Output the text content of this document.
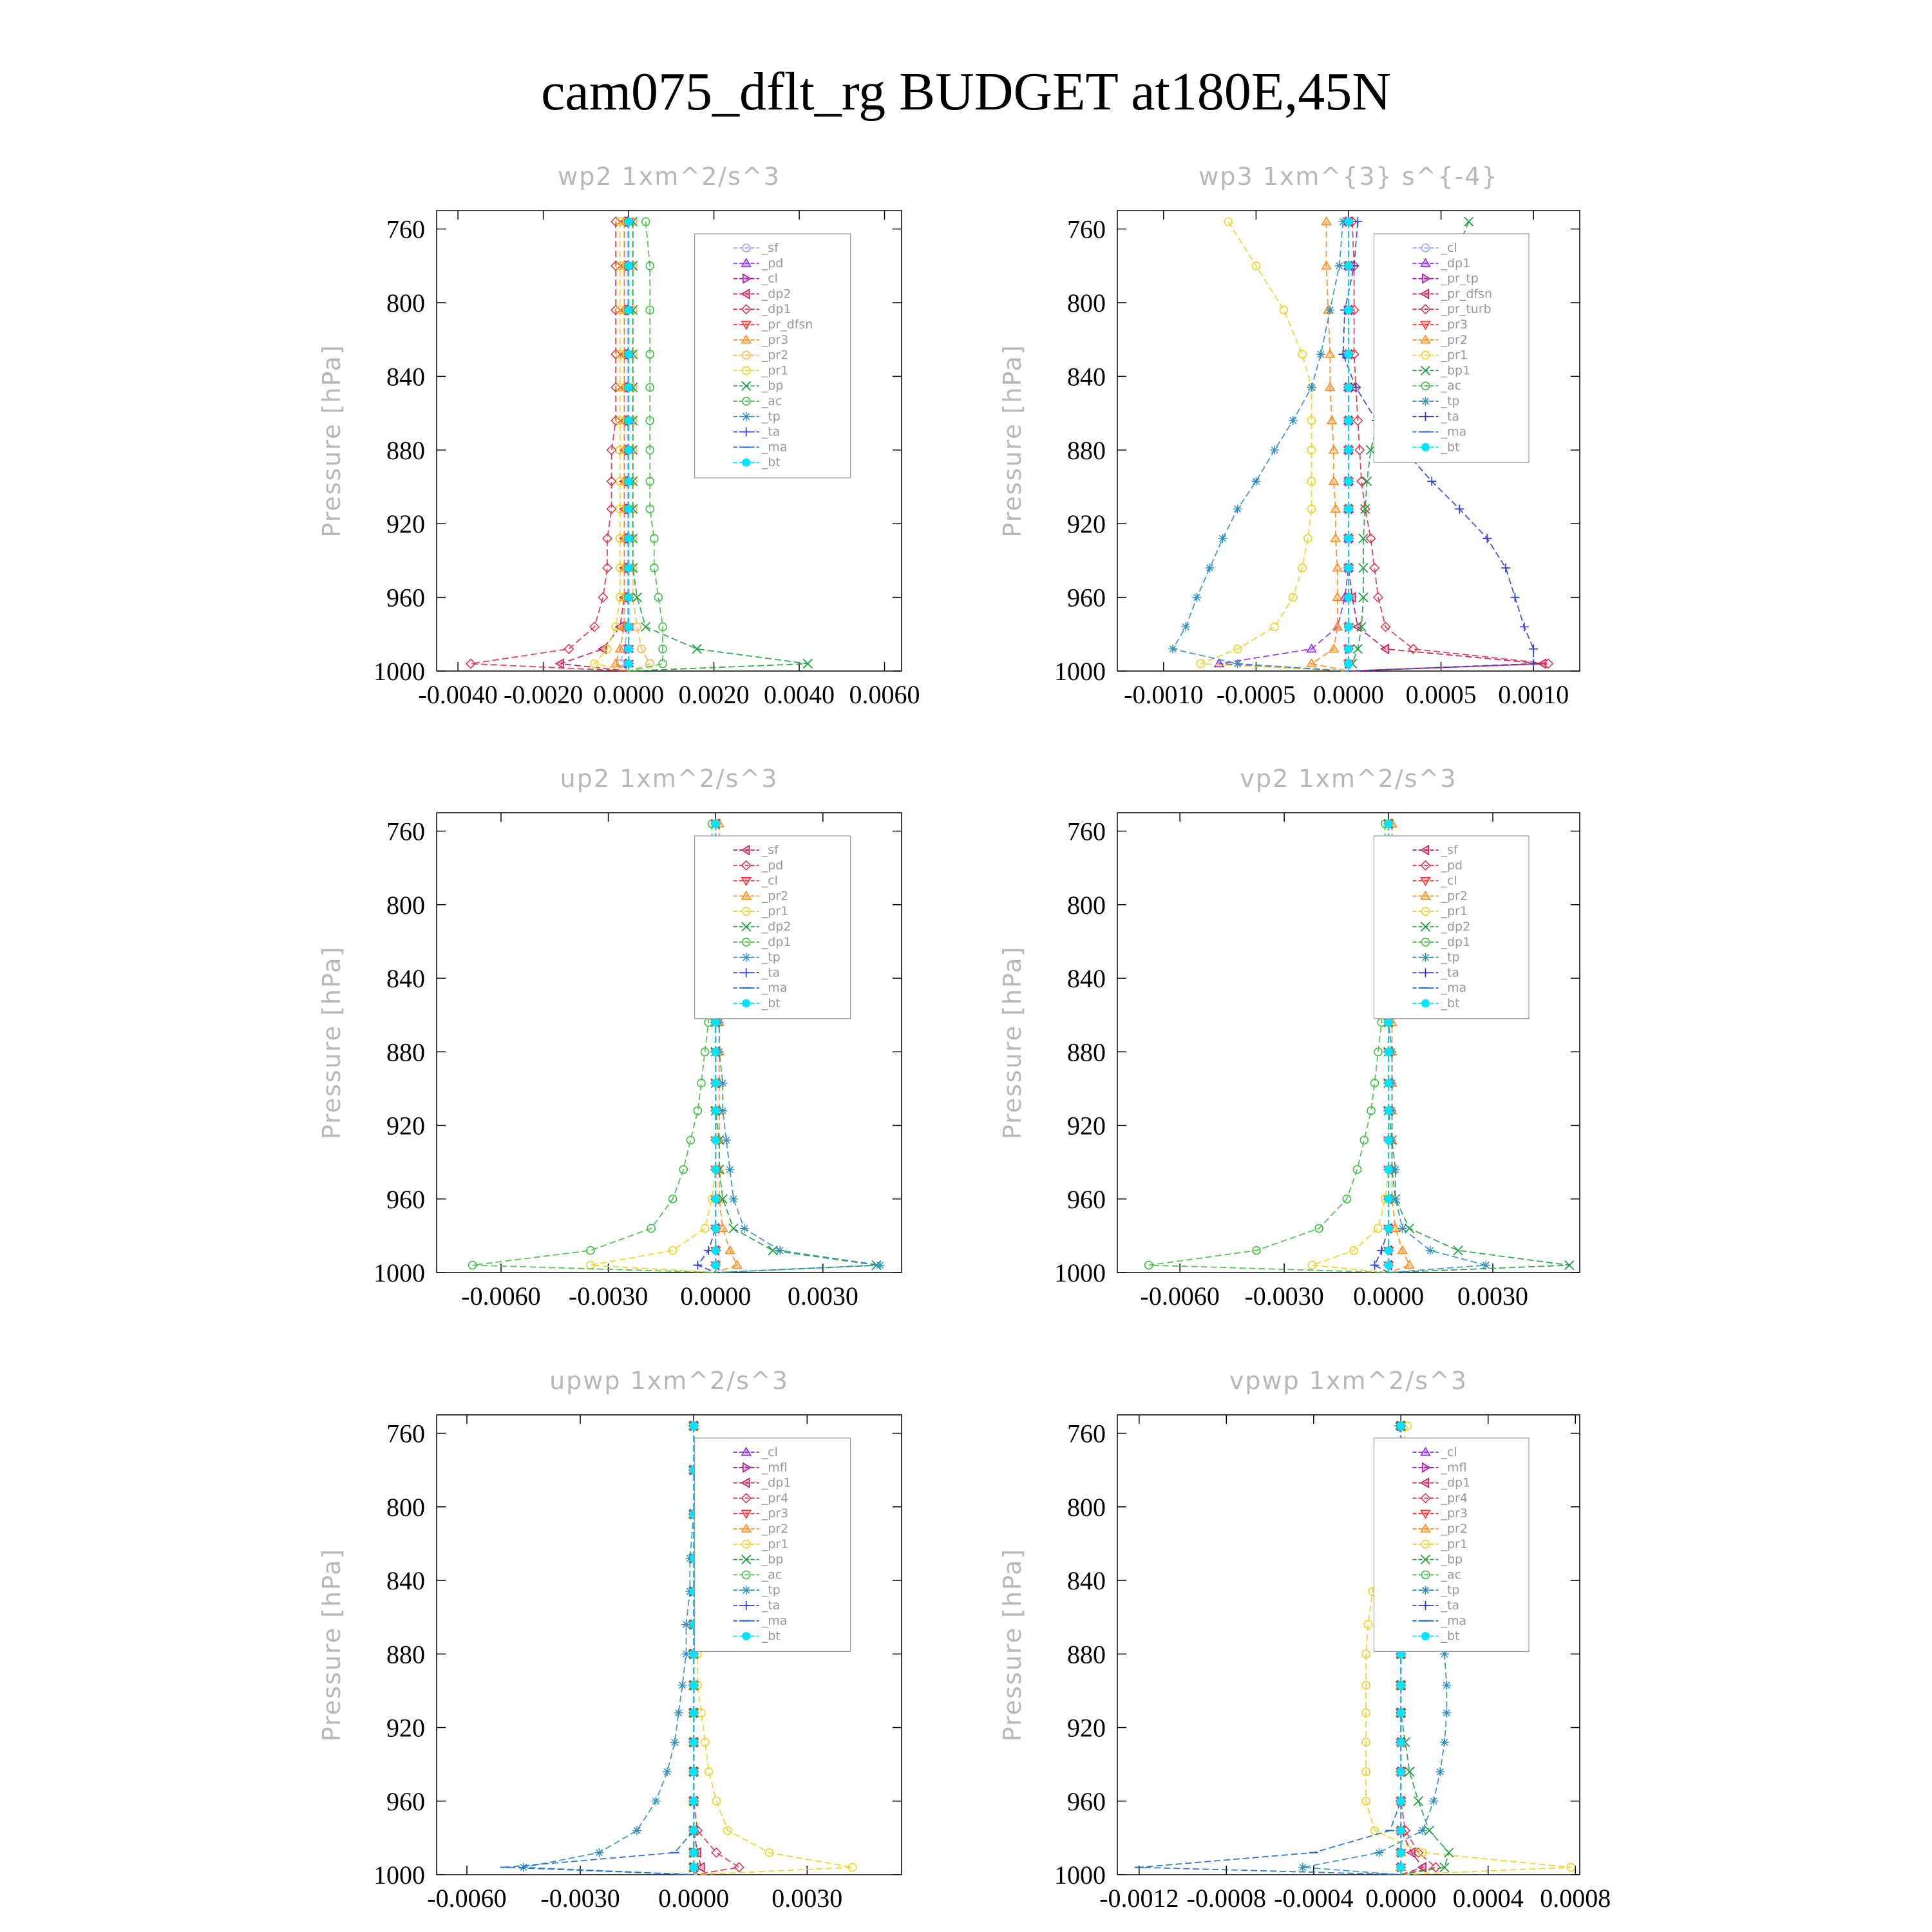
cam075_dflt_rg BUDGET at180E,45N
wp2 1xm^2/s^3
Pressure [hPa]
760
800
840
880
920
960
1000
-0.0040 -0.0020 0.0000 0.0020 0.0040 0.0060
_sf
_pd
_cl
_dp2
_dp1
_pr_dfsn
_pr3
_pr2
_pr1
_bp
_ac
_tp
_ta
_ma
_bt
wp3 1xm^{3} s^{-4}
Pressure [hPa]
760
800
840
880
920
960
1000
-0.0010 -0.0005 0.0000 0.0005 0.0010
_cl
_dp1
_pr_tp
_pr_dfsn
_pr_turb
_pr3
_pr2
_pr1
_bp1
_ac
_tp
_ta
_ma
_bt
up2 1xm^2/s^3
Pressure [hPa]
760
800
840
880
920
960
1000
-0.0060 -0.0030 0.0000 0.0030
_sf
_pd
_cl
_pr2
_pr1
_dp2
_dp1
_tp
_ta
_ma
_bt
vp2 1xm^2/s^3
Pressure [hPa]
760
800
840
880
920
960
1000
-0.0060 -0.0030 0.0000 0.0030
_sf
_pd
_cl
_pr2
_pr1
_dp2
_dp1
_tp
_ta
_ma
_bt
upwp 1xm^2/s^3
Pressure [hPa]
760
800
840
880
920
960
1000
-0.0060 -0.0030 0.0000 0.0030
_cl
_mfl
_dp1
_pr4
_pr3
_pr2
_pr1
_bp
_ac
_tp
_ta
_ma
_bt
vpwp 1xm^2/s^3
Pressure [hPa]
760
800
840
880
920
960
1000
-0.0012 -0.0008 -0.0004 0.0000 0.0004 0.0008
_cl
_mfl
_dp1
_pr4
_pr3
_pr2
_pr1
_bp
_ac
_tp
_ta
_ma
_bt
